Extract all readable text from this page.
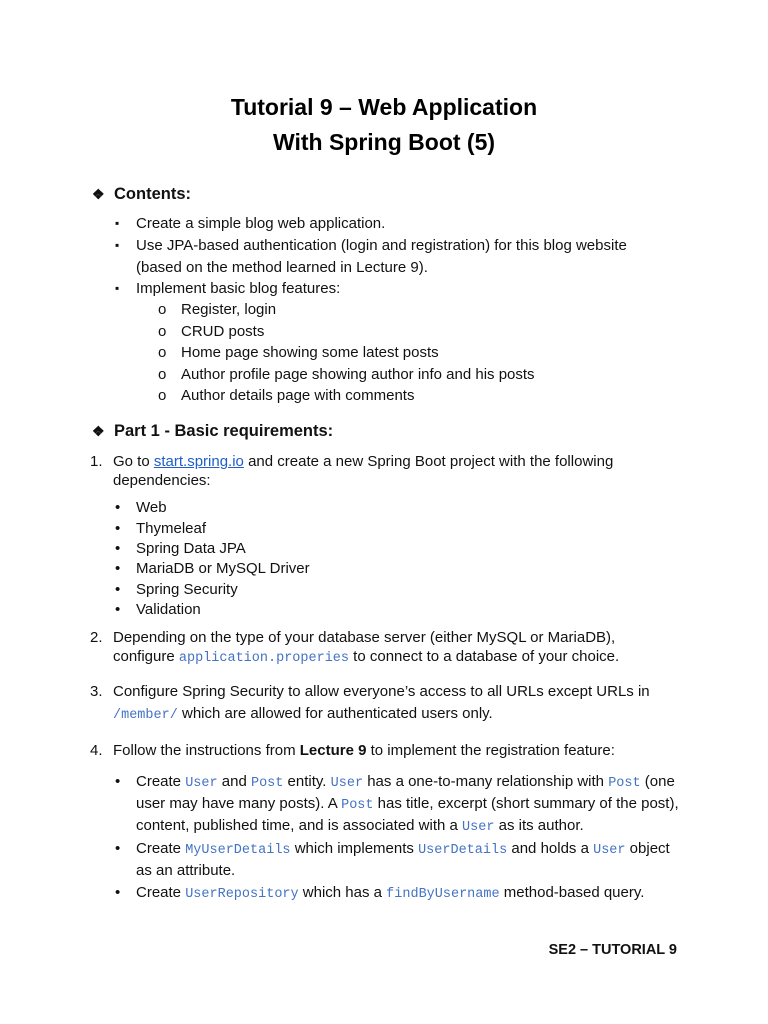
Tutorial 9 – Web Application
With Spring Boot (5)
❖ Contents:
▪ Create a simple blog web application.
▪ Use JPA-based authentication (login and registration) for this blog website
(based on the method learned in Lecture 9).
▪ Implement basic blog features:
o Register, login
o CRUD posts
o Home page showing some latest posts
o Author profile page showing author info and his posts
o Author details page with comments
❖ Part 1 - Basic requirements:
1. Go to start.spring.io and create a new Spring Boot project with the following
dependencies:
• Web
• Thymeleaf
• Spring Data JPA
• MariaDB or MySQL Driver
• Spring Security
• Validation
2. Depending on the type of your database server (either MySQL or MariaDB),
configure application.properies to connect to a database of your choice.
3. Configure Spring Security to allow everyone’s access to all URLs except URLs in
/member/ which are allowed for authenticated users only.
4. Follow the instructions from Lecture 9 to implement the registration feature:
• Create User and Post entity. User has a one-to-many relationship with Post (one
user may have many posts). A Post has title, excerpt (short summary of the post),
content, published time, and is associated with a User as its author.
• Create MyUserDetails which implements UserDetails and holds a User object
as an attribute.
• Create UserRepository which has a findByUsername method-based query.
SE2 – TUTORIAL 9
